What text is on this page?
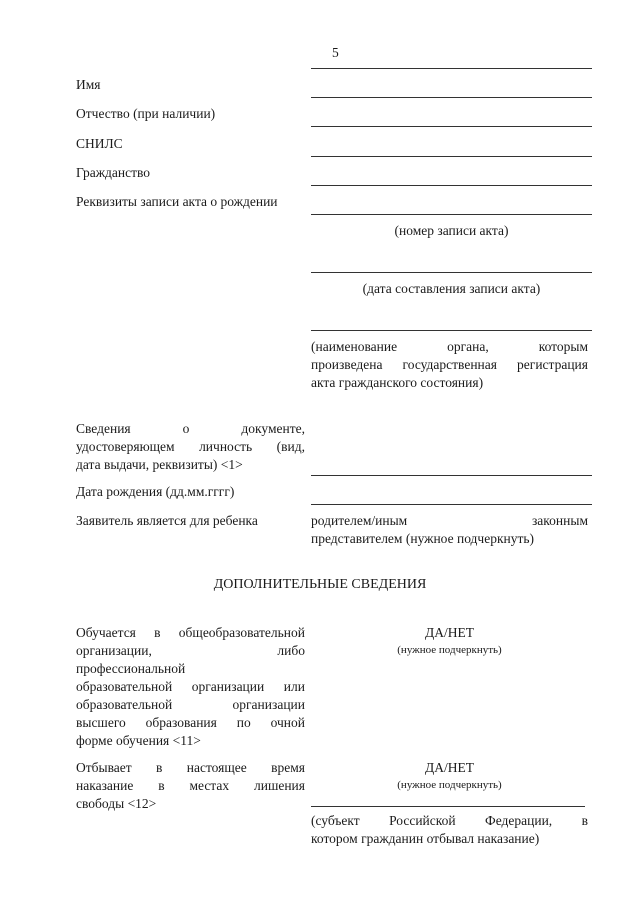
5
Имя
Отчество (при наличии)
СНИЛС
Гражданство
Реквизиты записи акта о рождении
(номер записи акта)
(дата составления записи акта)
(наименование органа, которым
произведена государственная регистрация
акта гражданского состояния)
Сведения о документе,
удостоверяющем личность (вид,
дата выдачи, реквизиты) <1>
Дата рождения (дд.мм.гггг)
Заявитель является для ребенка	родителем/иным законным
представителем (нужное подчеркнуть)
ДОПОЛНИТЕЛЬНЫЕ СВЕДЕНИЯ
Обучается в общеобразовательной
организации, либо
профессиональной
образовательной организации или
образовательной организации
высшего образования по очной
форме обучения <11>
ДА/НЕТ
(нужное подчеркнуть)
Отбывает в настоящее время
наказание в местах лишения
свободы <12>
ДА/НЕТ
(нужное подчеркнуть)
(субъект Российской Федерации, в
котором гражданин отбывал наказание)
